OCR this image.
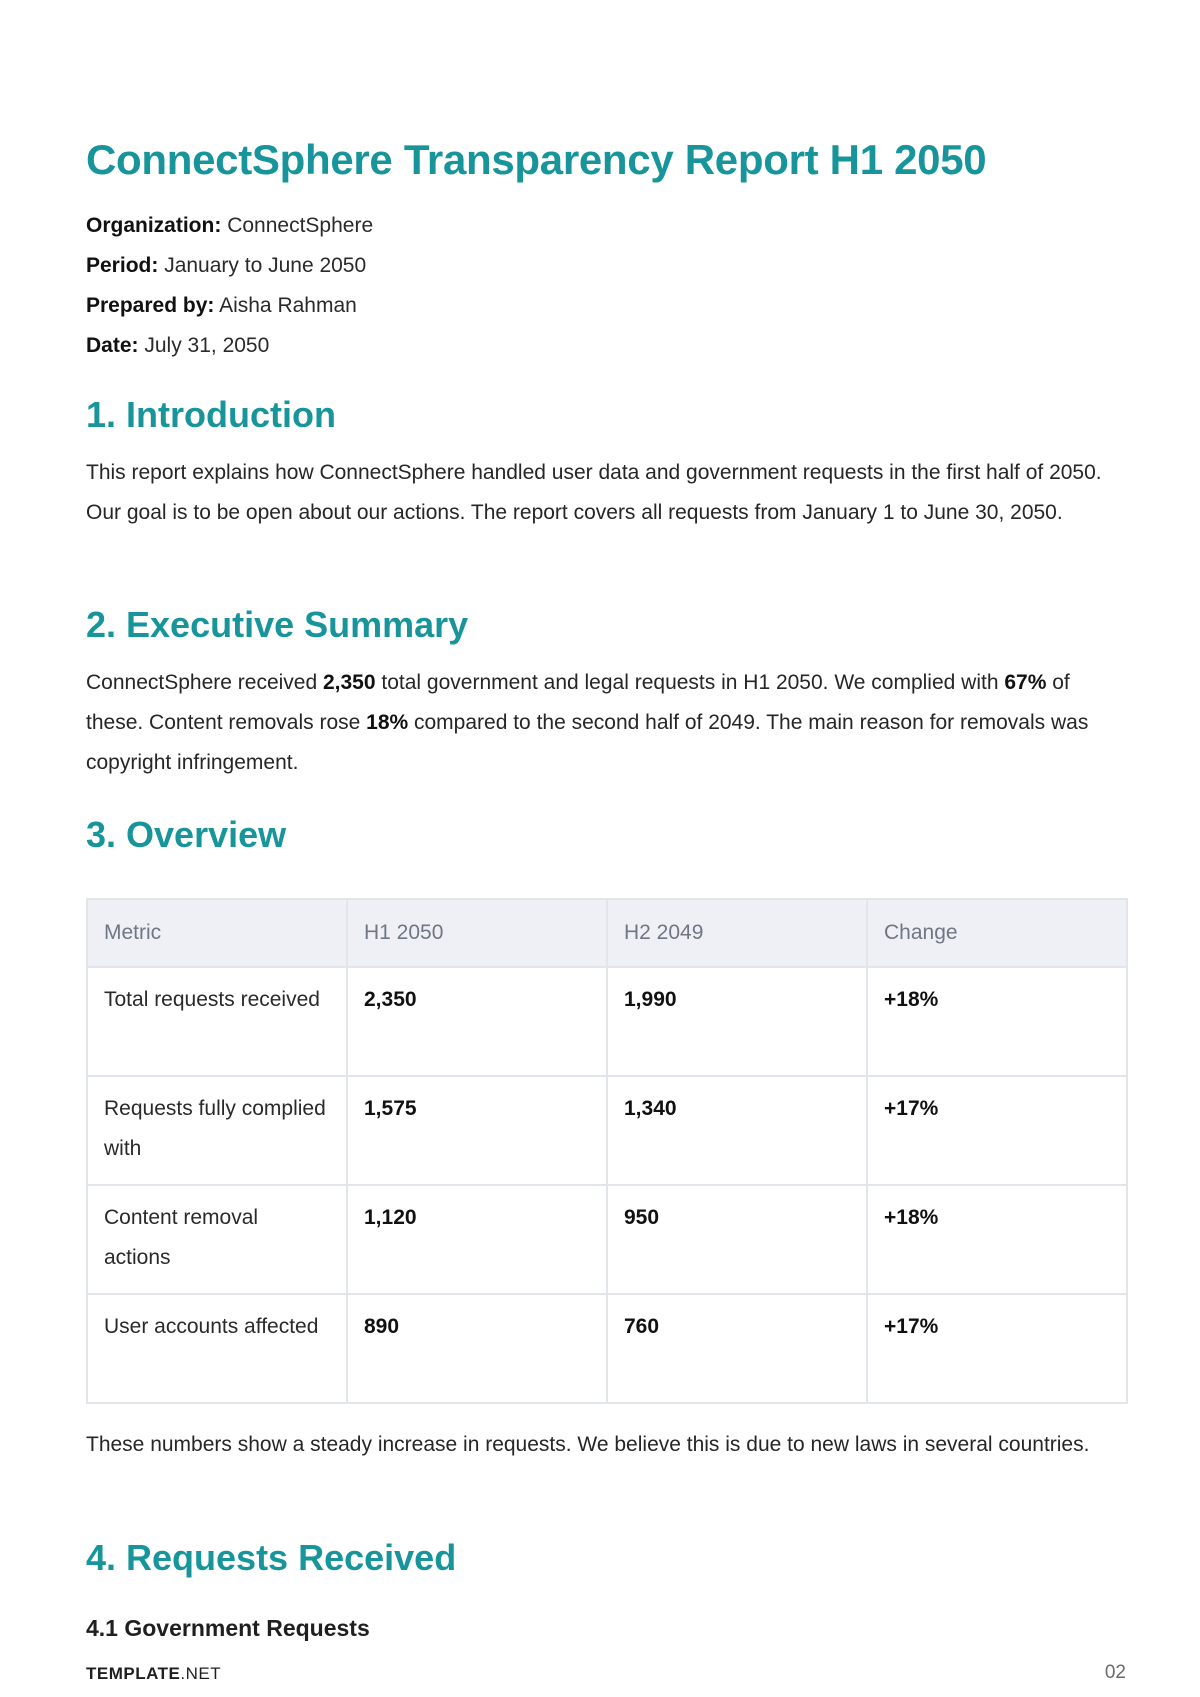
ConnectSphere Transparency Report H1 2050
Organization: ConnectSphere
Period: January to June 2050
Prepared by: Aisha Rahman
Date: July 31, 2050
1. Introduction

This report explains how ConnectSphere handled user data and government requests in the first half of 2050. Our goal is to be open about our actions. The report covers all requests from January 1 to June 30, 2050.

2. Executive Summary

ConnectSphere received 2,350 total government and legal requests in H1 2050. We complied with 67% of these. Content removals rose 18% compared to the second half of 2049. The main reason for removals was copyright infringement.

3. Overview
Metric	H1 2050	H2 2049	Change
Total requests received	2,350	1,990	+18%
Requests fully complied with	1,575	1,340	+17%
Content removal actions	1,120	950	+18%
User accounts affected	890	760	+17%

These numbers show a steady increase in requests. We believe this is due to new laws in several countries.

4. Requests Received
4.1 Government Requests
TEMPLATE.NET	02
